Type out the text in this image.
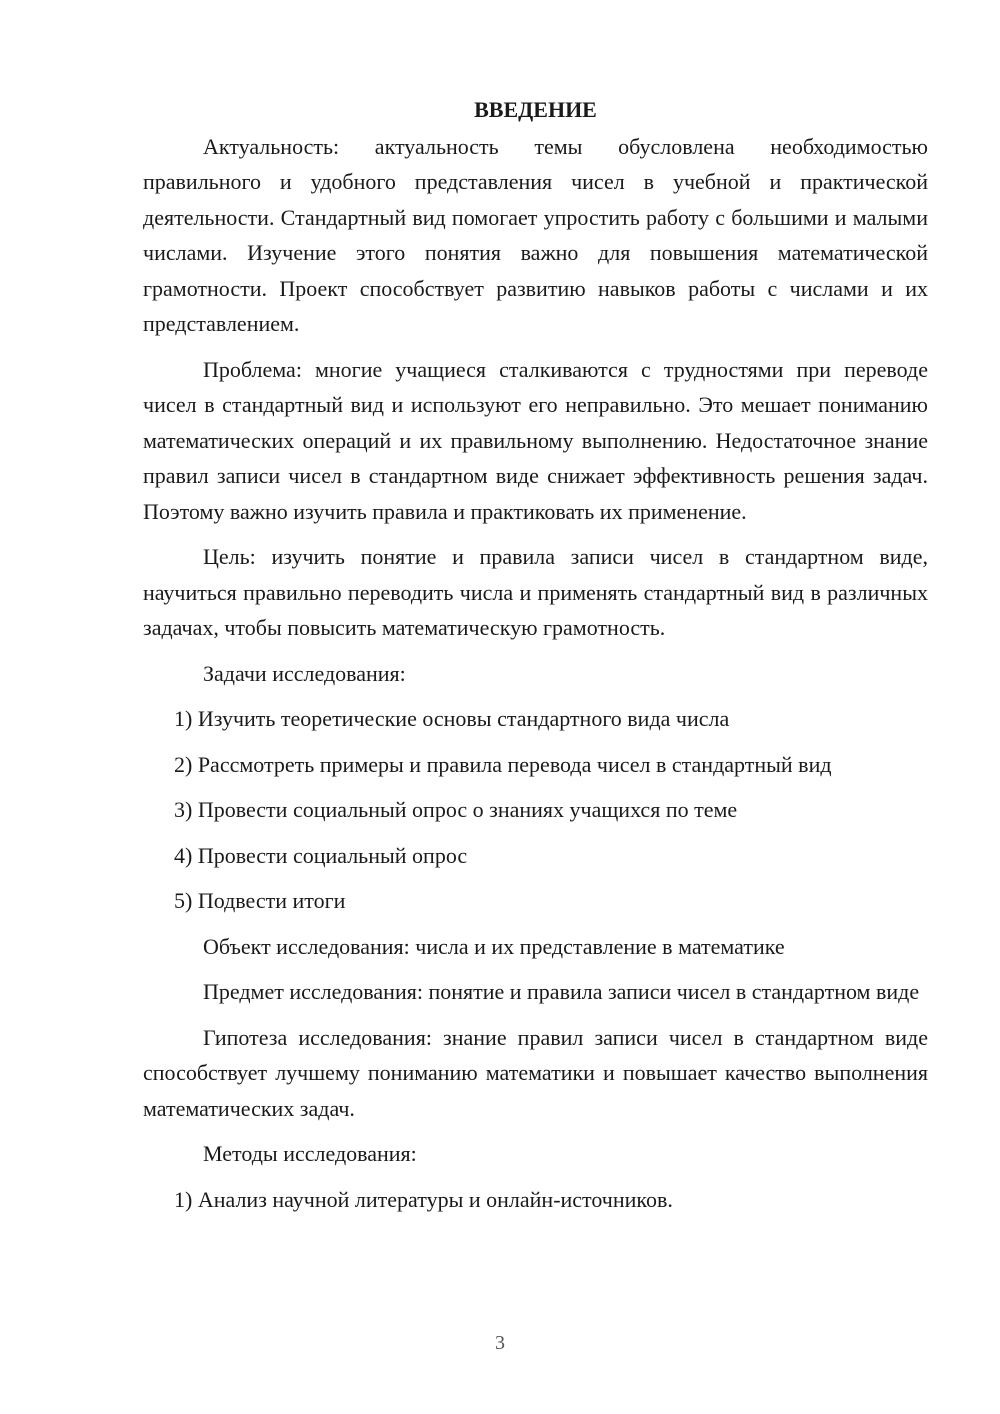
ВВЕДЕНИЕ

Актуальность: актуальность темы обусловлена необходимостью правильного и удобного представления чисел в учебной и практической деятельности. Стандартный вид помогает упростить работу с большими и малыми числами. Изучение этого понятия важно для повышения математической грамотности. Проект способствует развитию навыков работы с числами и их представлением.

Проблема: многие учащиеся сталкиваются с трудностями при переводе чисел в стандартный вид и используют его неправильно. Это мешает пониманию математических операций и их правильному выполнению. Недостаточное знание правил записи чисел в стандартном виде снижает эффективность решения задач. Поэтому важно изучить правила и практиковать их применение.

Цель: изучить понятие и правила записи чисел в стандартном виде, научиться правильно переводить числа и применять стандартный вид в различных задачах, чтобы повысить математическую грамотность.

Задачи исследования:

1) Изучить теоретические основы стандартного вида числа

2) Рассмотреть примеры и правила перевода чисел в стандартный вид

3) Провести социальный опрос о знаниях учащихся по теме

4) Провести социальный опрос

5) Подвести итоги

Объект исследования: числа и их представление в математике

Предмет исследования: понятие и правила записи чисел в стандартном виде

Гипотеза исследования: знание правил записи чисел в стандартном виде способствует лучшему пониманию математики и повышает качество выполнения математических задач.

Методы исследования:

1) Анализ научной литературы и онлайн-источников.

3
